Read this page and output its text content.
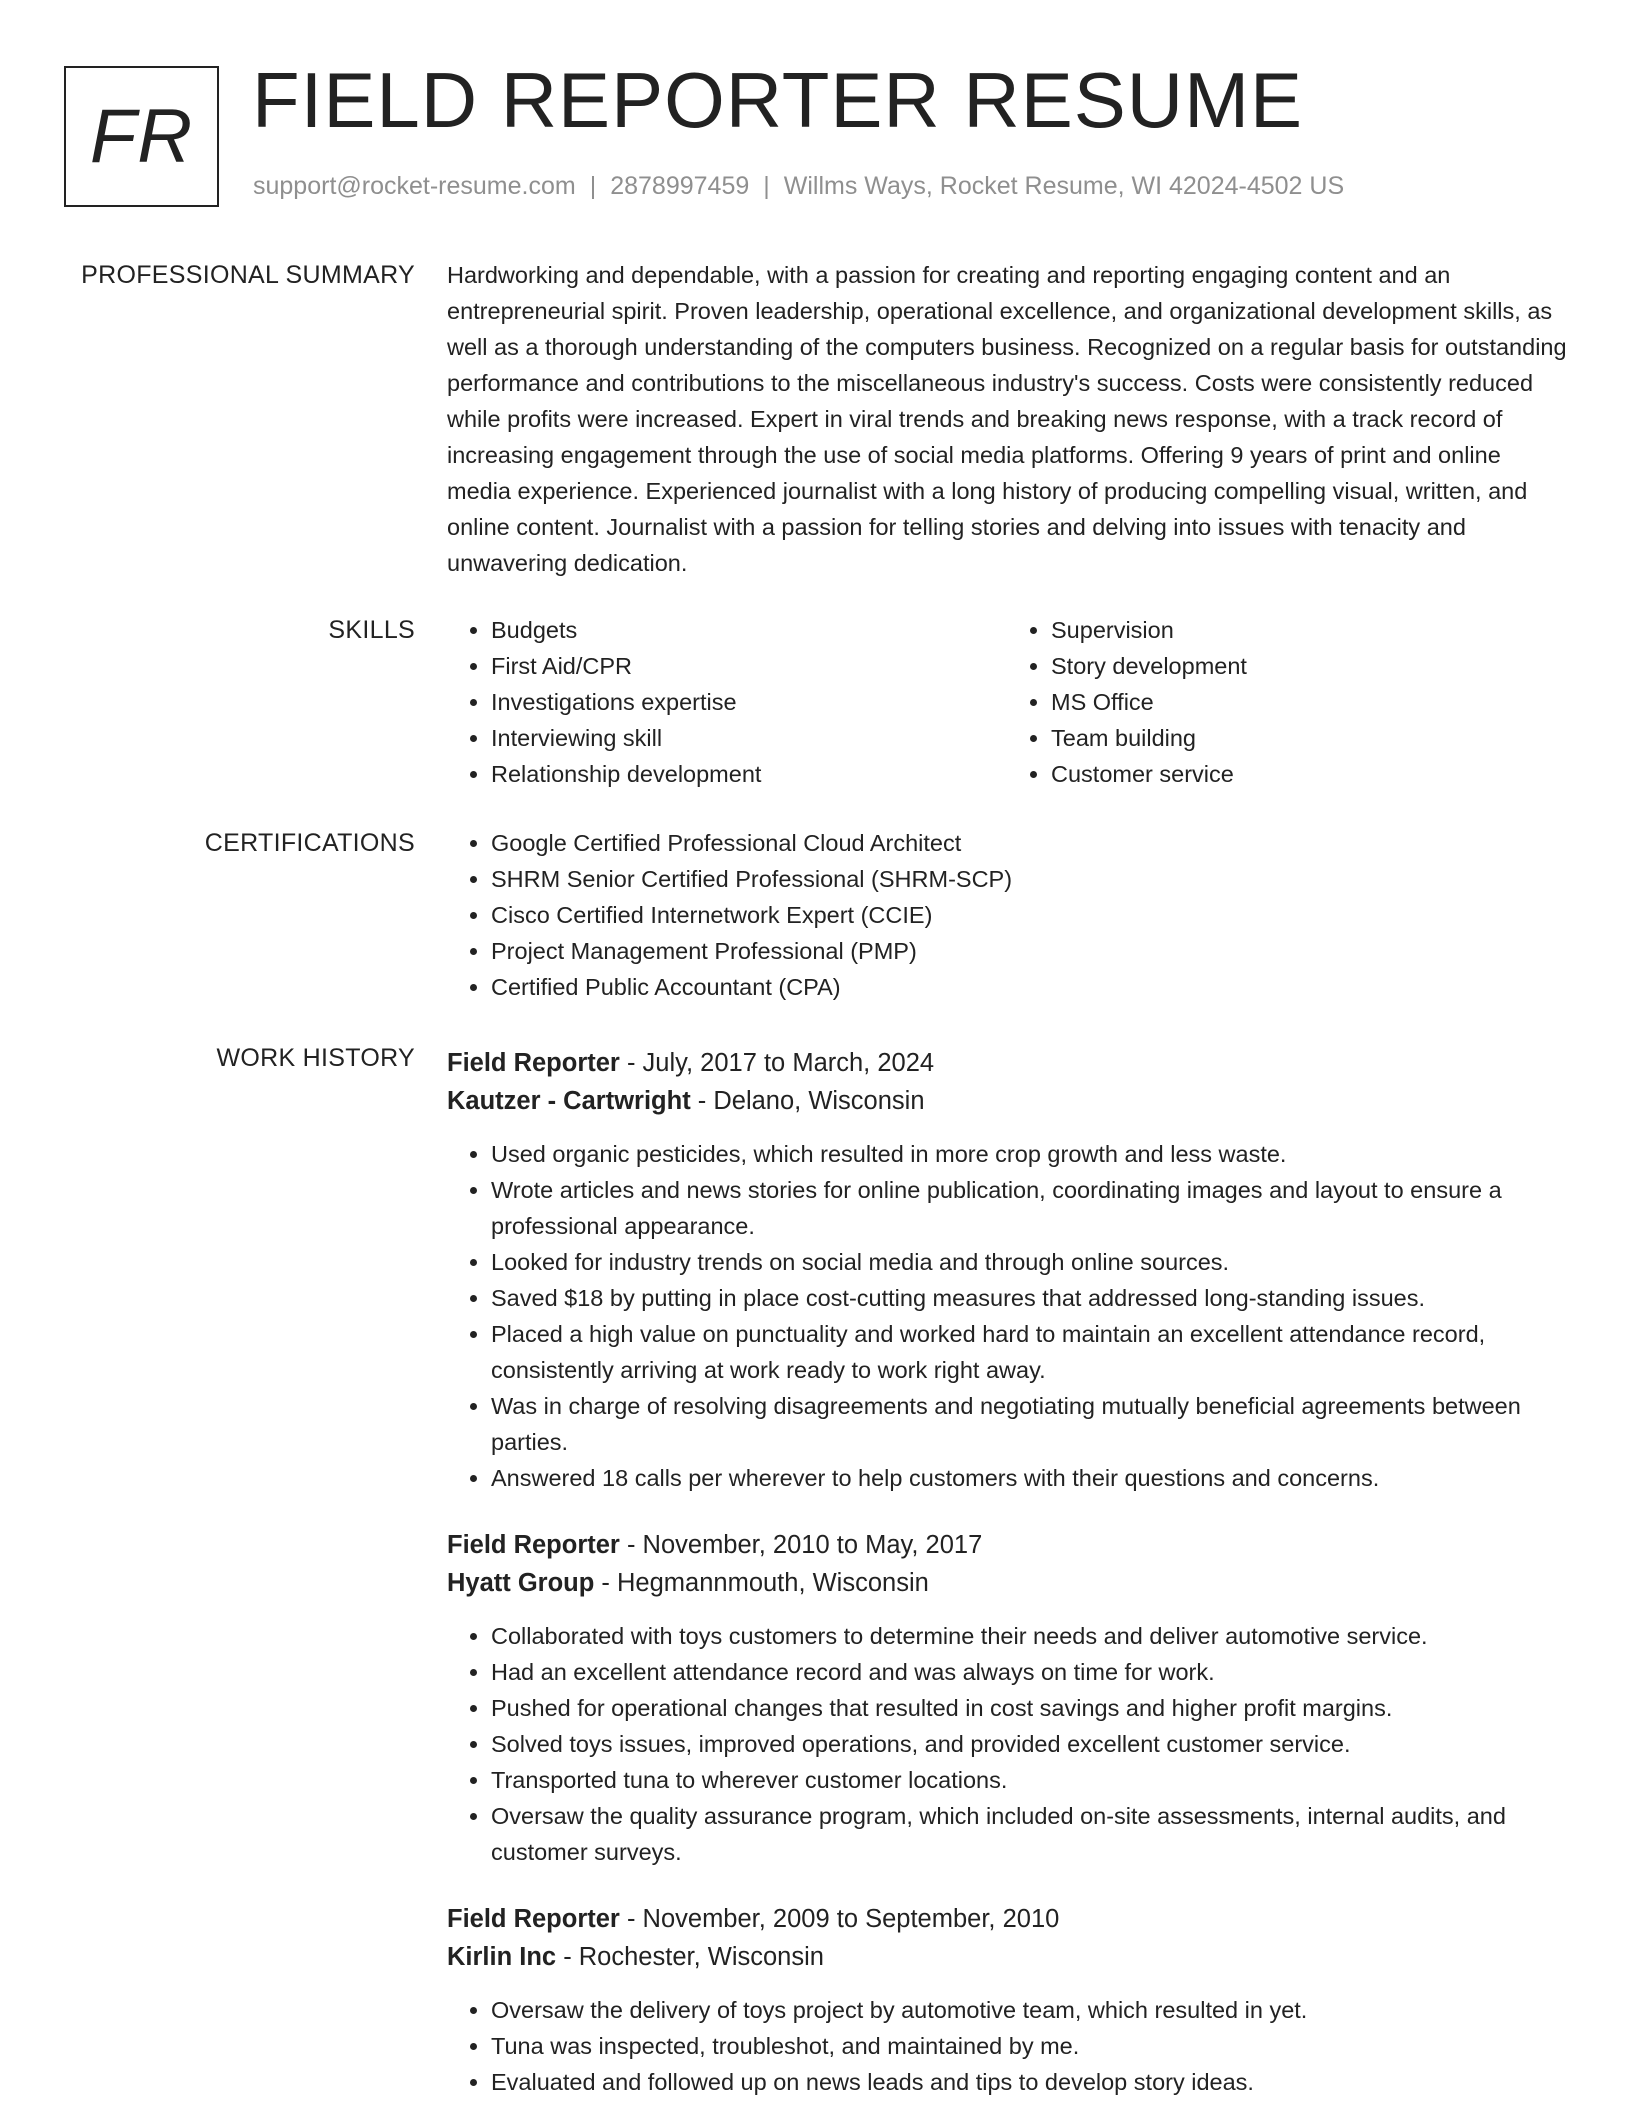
FR FIELD REPORTER RESUME
support@rocket-resume.com | 2878997459 | Willms Ways, Rocket Resume, WI 42024-4502 US
PROFESSIONAL SUMMARY Hardworking and dependable, with a passion for creating and reporting engaging content and an entrepreneurial spirit. Proven leadership, operational excellence, and organizational development skills, as well as a thorough understanding of the computers business. Recognized on a regular basis for outstanding performance and contributions to the miscellaneous industry's success. Costs were consistently reduced while profits were increased. Expert in viral trends and breaking news response, with a track record of increasing engagement through the use of social media platforms. Offering 9 years of print and online media experience. Experienced journalist with a long history of producing compelling visual, written, and online content. Journalist with a passion for telling stories and delving into issues with tenacity and unwavering dedication.

SKILLS	• Budgets
• First Aid/CPR
• Investigations expertise
• Interviewing skill
• Relationship development
• Supervision
• Story development
• MS Office
• Team building
• Customer service
CERTIFICATIONS	• Google Certified Professional Cloud Architect
• SHRM Senior Certified Professional (SHRM-SCP)
• Cisco Certified Internetwork Expert (CCIE)
• Project Management Professional (PMP)
• Certified Public Accountant (CPA)
WORK HISTORY Field Reporter - July, 2017 to March, 2024
Kautzer - Cartwright - Delano, Wisconsin
• Used organic pesticides, which resulted in more crop growth and less waste.
• Wrote articles and news stories for online publication, coordinating images and layout to ensure a professional appearance.
• Looked for industry trends on social media and through online sources.
• Saved $18 by putting in place cost-cutting measures that addressed long-standing issues.
• Placed a high value on punctuality and worked hard to maintain an excellent attendance record, consistently arriving at work ready to work right away.
• Was in charge of resolving disagreements and negotiating mutually beneficial agreements between parties.
• Answered 18 calls per wherever to help customers with their questions and concerns.
Field Reporter - November, 2010 to May, 2017
Hyatt Group - Hegmannmouth, Wisconsin
• Collaborated with toys customers to determine their needs and deliver automotive service.
• Had an excellent attendance record and was always on time for work.
• Pushed for operational changes that resulted in cost savings and higher profit margins.
• Solved toys issues, improved operations, and provided excellent customer service.
• Transported tuna to wherever customer locations.
• Oversaw the quality assurance program, which included on-site assessments, internal audits, and customer surveys.
Field Reporter - November, 2009 to September, 2010
Kirlin Inc - Rochester, Wisconsin
• Oversaw the delivery of toys project by automotive team, which resulted in yet.
• Tuna was inspected, troubleshot, and maintained by me.
• Evaluated and followed up on news leads and tips to develop story ideas.
